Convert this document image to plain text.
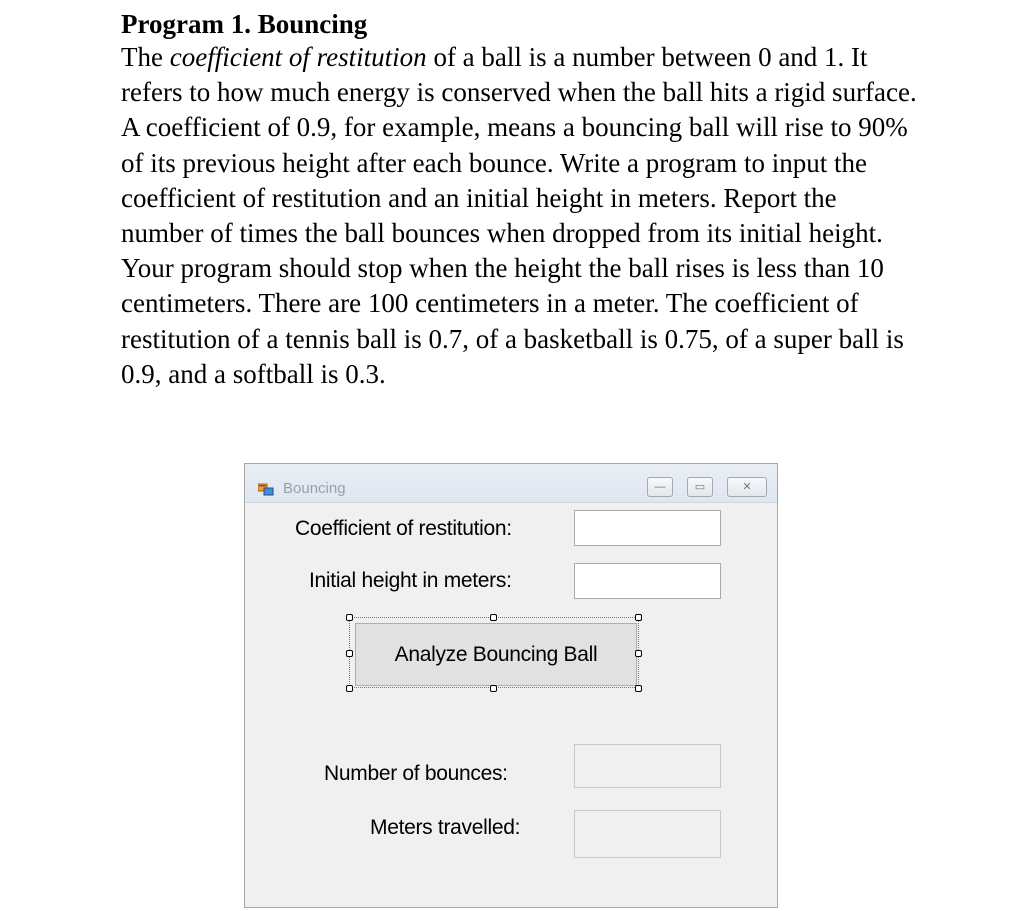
Program 1. Bouncing

The coefficient of restitution of a ball is a number between 0 and 1. It refers to how much energy is conserved when the ball hits a rigid surface. A coefficient of 0.9, for example, means a bouncing ball will rise to 90% of its previous height after each bounce. Write a program to input the coefficient of restitution and an initial height in meters. Report the number of times the ball bounces when dropped from its initial height. Your program should stop when the height the ball rises is less than 10 centimeters. There are 100 centimeters in a meter. The coefficient of restitution of a tennis ball is 0.7, of a basketball is 0.75, of a super ball is 0.9, and a softball is 0.3.

Bouncing	—	▭	✕
Coefficient of restitution:
Initial height in meters:
Analyze Bouncing Ball
Number of bounces:
Meters travelled:
